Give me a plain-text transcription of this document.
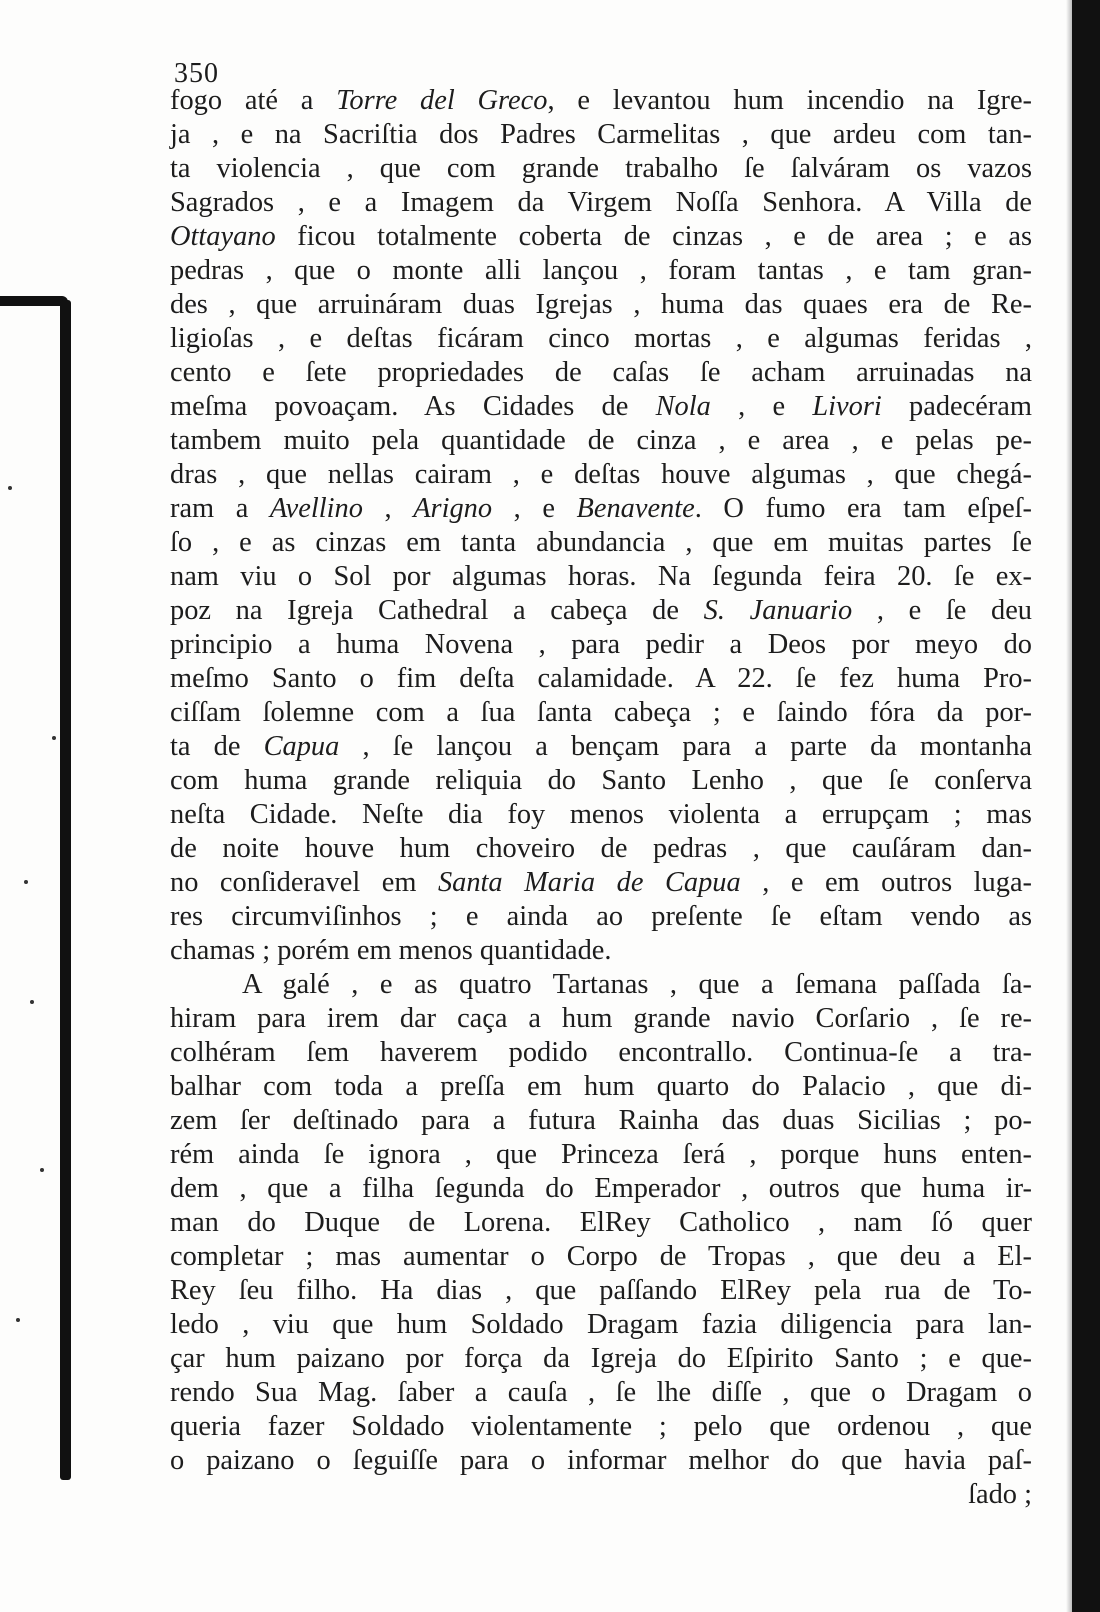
350
fogo até a Torre del Greco, e levantou hum incendio na Igre-
ja , e na Sacriſtia dos Padres Carmelitas , que ardeu com tan-
ta violencia , que com grande trabalho ſe ſalváram os vazos
Sagrados , e a Imagem da Virgem Noſſa Senhora. A Villa de
Ottayano ficou totalmente coberta de cinzas , e de area ; e as
pedras , que o monte alli lançou , foram tantas , e tam gran-
des , que arruináram duas Igrejas , huma das quaes era de Re-
ligioſas , e deſtas ficáram cinco mortas , e algumas feridas ,
cento e ſete propriedades de caſas ſe acham arruinadas na
meſma povoaçam. As Cidades de Nola , e Livori padecéram
tambem muito pela quantidade de cinza , e area , e pelas pe-
dras , que nellas cairam , e deſtas houve algumas , que chegá-
ram a Avellino , Arigno , e Benavente. O fumo era tam eſpeſ-
ſo , e as cinzas em tanta abundancia , que em muitas partes ſe
nam viu o Sol por algumas horas. Na ſegunda feira 20. ſe ex-
poz na Igreja Cathedral a cabeça de S. Januario , e ſe deu
principio a huma Novena , para pedir a Deos por meyo do
meſmo Santo o fim deſta calamidade. A 22. ſe fez huma Pro-
ciſſam ſolemne com a ſua ſanta cabeça ; e ſaindo fóra da por-
ta de Capua , ſe lançou a bençam para a parte da montanha
com huma grande reliquia do Santo Lenho , que ſe conſerva
neſta Cidade. Neſte dia foy menos violenta a errupçam ; mas
de noite houve hum choveiro de pedras , que cauſáram dan-
no conſideravel em Santa Maria de Capua , e em outros luga-
res circumviſinhos ; e ainda ao preſente ſe eſtam vendo as
chamas ; porém em menos quantidade.
A galé , e as quatro Tartanas , que a ſemana paſſada ſa-
hiram para irem dar caça a hum grande navio Corſario , ſe re-
colhéram ſem haverem podido encontrallo. Continua-ſe a tra-
balhar com toda a preſſa em hum quarto do Palacio , que di-
zem ſer deſtinado para a futura Rainha das duas Sicilias ; po-
rém ainda ſe ignora , que Princeza ſerá , porque huns enten-
dem , que a filha ſegunda do Emperador , outros que huma ir-
man do Duque de Lorena. ElRey Catholico , nam ſó quer
completar ; mas aumentar o Corpo de Tropas , que deu a El-
Rey ſeu filho. Ha dias , que paſſando ElRey pela rua de To-
ledo , viu que hum Soldado Dragam fazia diligencia para lan-
çar hum paizano por força da Igreja do Eſpirito Santo ; e que-
rendo Sua Mag. ſaber a cauſa , ſe lhe diſſe , que o Dragam o
queria fazer Soldado violentamente ; pelo que ordenou , que
o paizano o ſeguiſſe para o informar melhor do que havia paſ-
ſado ;
